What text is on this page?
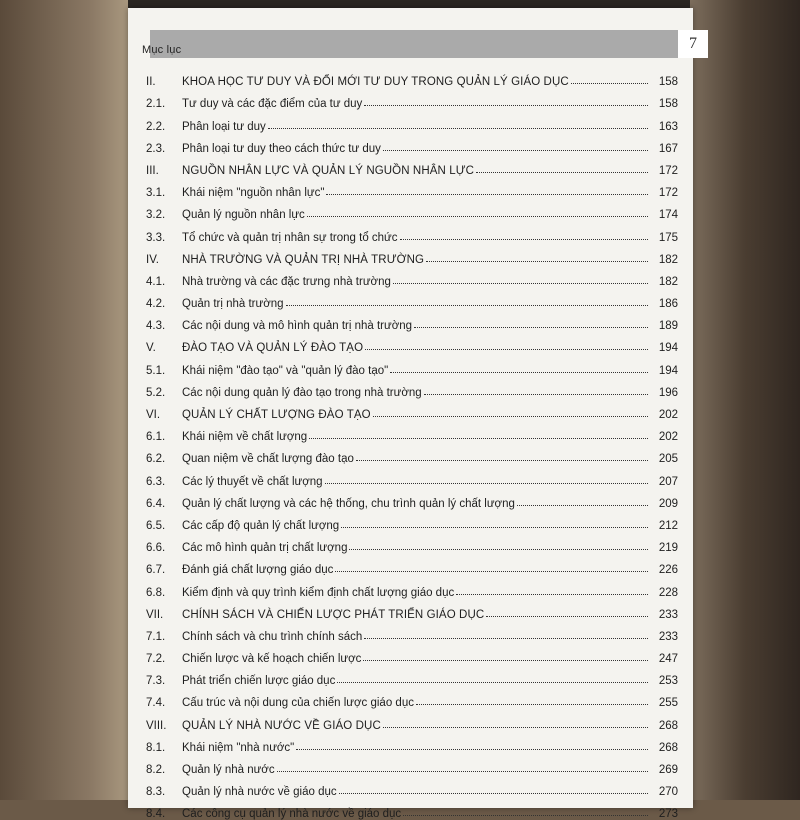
Mục lục	7
II.	KHOA HỌC TƯ DUY VÀ ĐỔI MỚI TƯ DUY TRONG QUẢN LÝ GIÁO DỤC	158
2.1.	Tư duy và các đặc điểm của tư duy	158
2.2.	Phân loại tư duy	163
2.3.	Phân loại tư duy theo cách thức tư duy	167
III.	NGUỒN NHÂN LỰC VÀ QUẢN LÝ NGUỒN NHÂN LỰC	172
3.1.	Khái niệm "nguồn nhân lực"	172
3.2.	Quản lý nguồn nhân lực	174
3.3.	Tổ chức và quản trị nhân sự trong tổ chức	175
IV.	NHÀ TRƯỜNG VÀ QUẢN TRỊ NHÀ TRƯỜNG	182
4.1.	Nhà trường và các đặc trưng nhà trường	182
4.2.	Quản trị nhà trường	186
4.3.	Các nội dung và mô hình quản trị nhà trường	189
V.	ĐÀO TẠO VÀ QUẢN LÝ ĐÀO TẠO	194
5.1.	Khái niệm "đào tạo" và "quản lý đào tạo"	194
5.2.	Các nội dung quản lý đào tạo trong nhà trường	196
VI.	QUẢN LÝ CHẤT LƯỢNG ĐÀO TẠO	202
6.1.	Khái niệm về chất lượng	202
6.2.	Quan niệm về chất lượng đào tạo	205
6.3.	Các lý thuyết về chất lượng	207
6.4.	Quản lý chất lượng và các hệ thống, chu trình quản lý chất lượng	209
6.5.	Các cấp độ quản lý chất lượng	212
6.6.	Các mô hình quản trị chất lượng	219
6.7.	Đánh giá chất lượng giáo dục	226
6.8.	Kiểm định và quy trình kiểm định chất lượng giáo dục	228
VII.	CHÍNH SÁCH VÀ CHIẾN LƯỢC PHÁT TRIỂN GIÁO DỤC	233
7.1.	Chính sách và chu trình chính sách	233
7.2.	Chiến lược và kế hoạch chiến lược	247
7.3.	Phát triển chiến lược giáo dục	253
7.4.	Cấu trúc và nội dung của chiến lược giáo dục	255
VIII.	QUẢN LÝ NHÀ NƯỚC VỀ GIÁO DỤC	268
8.1.	Khái niệm "nhà nước"	268
8.2.	Quản lý nhà nước	269
8.3.	Quản lý nhà nước về giáo dục	270
8.4.	Các công cụ quản lý nhà nước về giáo dục	273
